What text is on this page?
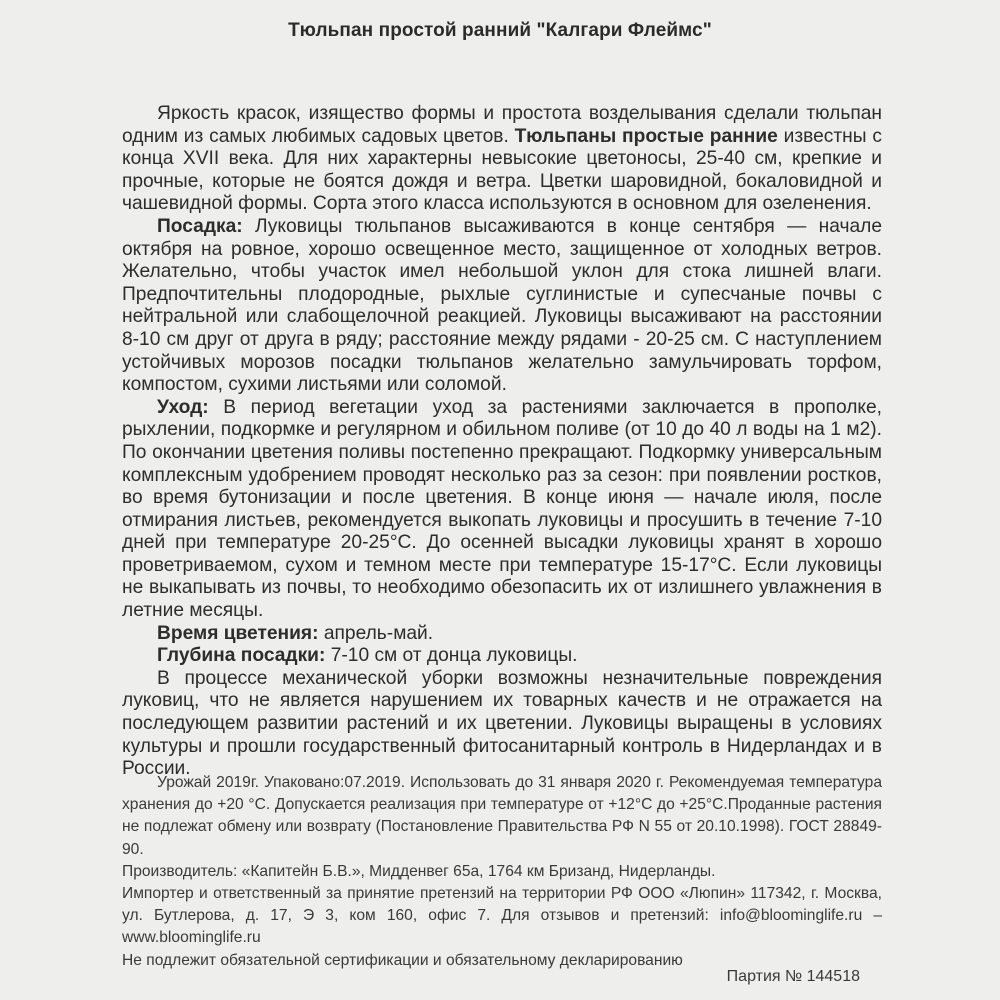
Тюльпан простой ранний "Калгари Флеймс"

Яркость красок, изящество формы и простота возделывания сделали тюльпан одним из самых любимых садовых цветов. Тюльпаны простые ранние известны с конца XVII века. Для них характерны невысокие цветоносы, 25-40 см, крепкие и прочные, которые не боятся дождя и ветра. Цветки шаровидной, бокаловидной и чашевидной формы. Сорта этого класса используются в основном для озеленения.

Посадка: Луковицы тюльпанов высаживаются в конце сентября — начале октября на ровное, хорошо освещенное место, защищенное от холодных ветров. Желательно, чтобы участок имел небольшой уклон для стока лишней влаги. Предпочтительны плодородные, рыхлые суглинистые и супесчаные почвы с нейтральной или слабощелочной реакцией. Луковицы высаживают на расстоянии 8-10 см друг от друга в ряду; расстояние между рядами - 20-25 см. С наступлением устойчивых морозов посадки тюльпанов желательно замульчировать торфом, компостом, сухими листьями или соломой.

Уход: В период вегетации уход за растениями заключается в прополке, рыхлении, подкормке и регулярном и обильном поливе (от 10 до 40 л воды на 1 м2). По окончании цветения поливы постепенно прекращают. Подкормку универсальным комплексным удобрением проводят несколько раз за сезон: при появлении ростков, во время бутонизации и после цветения. В конце июня — начале июля, после отмирания листьев, рекомендуется выкопать луковицы и просушить в течение 7-10 дней при температуре 20-25°С. До осенней высадки луковицы хранят в хорошо проветриваемом, сухом и темном месте при температуре 15-17°С. Если луковицы не выкапывать из почвы, то необходимо обезопасить их от излишнего увлажнения в летние месяцы.

Время цветения: апрель-май.

Глубина посадки: 7-10 см от донца луковицы.

В процессе механической уборки возможны незначительные повреждения луковиц, что не является нарушением их товарных качеств и не отражается на последующем развитии растений и их цветении. Луковицы выращены в условиях культуры и прошли государственный фитосанитарный контроль в Нидерландах и в России.

Урожай 2019г. Упаковано:07.2019. Использовать до 31 января 2020 г. Рекомендуемая температура хранения до +20 °С. Допускается реализация при температуре от +12°С до +25°С.Проданные растения не подлежат обмену или возврату (Постановление Правительства РФ N 55 от 20.10.1998). ГОСТ 28849-90.

Производитель: «Капитейн Б.В.», Мидденвег 65а, 1764 км Бризанд, Нидерланды.

Импортер и ответственный за принятие претензий на территории РФ ООО «Люпин» 117342, г. Москва, ул. Бутлерова, д. 17, Э 3, ком 160, офис 7. Для отзывов и претензий: info@bloominglife.ru – www.bloominglife.ru

Не подлежит обязательной сертификации и обязательному декларированию

Партия № 144518
